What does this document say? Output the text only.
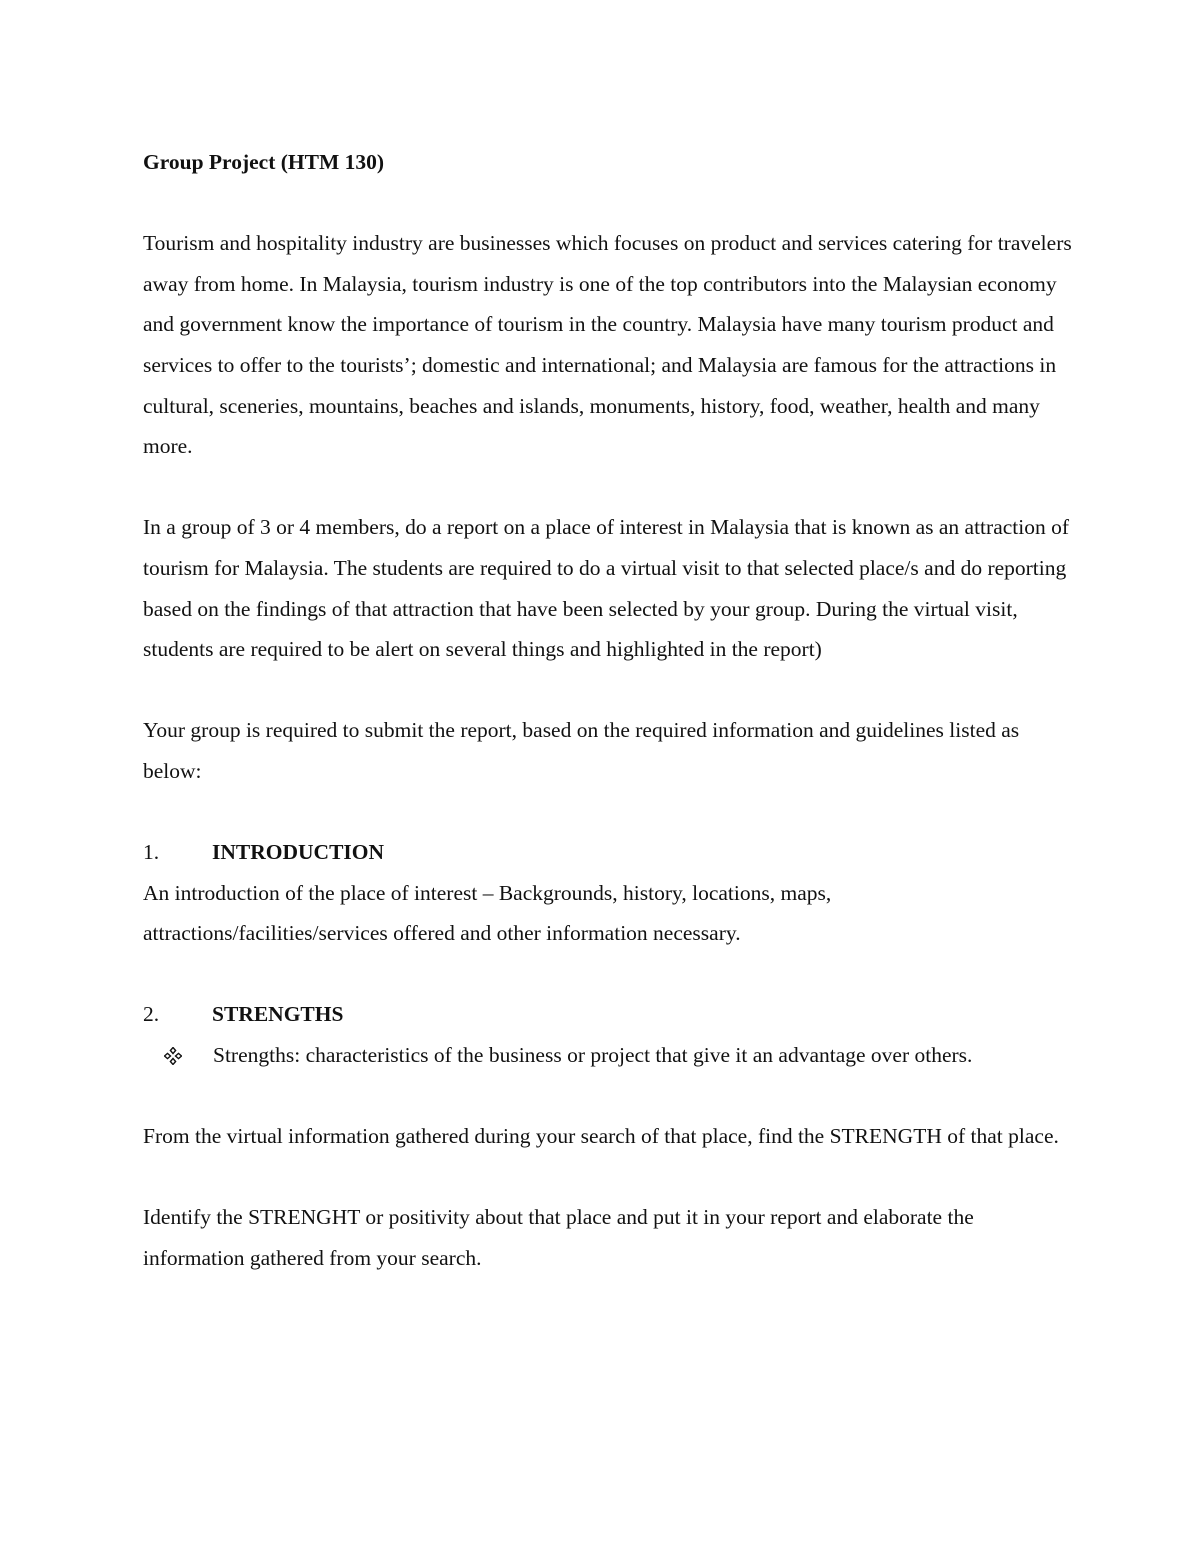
Group Project (HTM 130)

Tourism and hospitality industry are businesses which focuses on product and services catering for travelers away from home. In Malaysia, tourism industry is one of the top contributors into the Malaysian economy and government know the importance of tourism in the country. Malaysia have many tourism product and services to offer to the tourists’; domestic and international; and Malaysia are famous for the attractions in cultural, sceneries, mountains, beaches and islands, monuments, history, food, weather, health and many more.

In a group of 3 or 4 members, do a report on a place of interest in Malaysia that is known as an attraction of tourism for Malaysia. The students are required to do a virtual visit to that selected place/s and do reporting based on the findings of that attraction that have been selected by your group. During the virtual visit, students are required to be alert on several things and highlighted in the report)

Your group is required to submit the report, based on the required information and guidelines listed as below:

1.	INTRODUCTION

An introduction of the place of interest – Backgrounds, history, locations, maps, attractions/facilities/services offered and other information necessary.

2.	STRENGTHS
Strengths: characteristics of the business or project that give it an advantage over others.

From the virtual information gathered during your search of that place, find the STRENGTH of that place.

Identify the STRENGHT or positivity about that place and put it in your report and elaborate the information gathered from your search.
